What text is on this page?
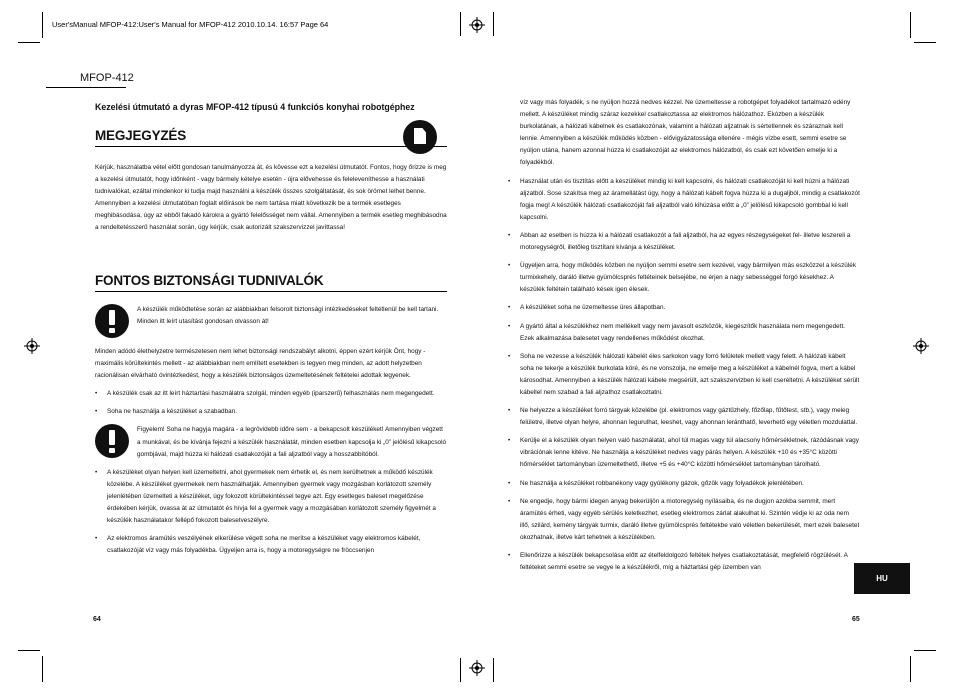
User'sManual MFOP-412:User's Manual for MFOP-412 2010.10.14. 16:57 Page 64
MFOP-412
Kezelési útmutató a dyras MFOP-412 típusú 4 funkciós konyhai robotgéphez
MEGJEGYZÉS
Kérjük, használatba vétel előtt gondosan tanulmányozza át, és kövesse ezt a kezelési útmutatót. Fontos, hogy őrizze is meg a kezelési útmutatót, hogy időnként - vagy bármely kételye esetén - újra elővehesse és feleleveníthesse a használati tudnivalókat, ezáltal mindenkor ki tudja majd használni a készülék összes szolgáltatását, és sok örömet lelhet benne. Amennyiben a kezelési útmutatóban foglalt előírások be nem tartása miatt következik be a termék esetleges meghibásodása, úgy az ebből fakadó károkra a gyártó felelősséget nem vállal. Amennyiben a termék esetleg meghibásodna a rendeltetésszerű használat során, úgy kérjük, csak autorizált szakszervizzel javíttassa!
FONTOS BIZTONSÁGI TUDNIVALÓK
A készülék működtetése során az alábbiakban felsorolt biztonsági intézkedéseket feltétlenül be kell tartani. Minden itt leírt utasítást gondosan olvasson át!

Minden adódó élethelyzetre természetesen nem lehet biztonsági rendszabályt alkotni, éppen ezért kérjük Önt, hogy - maximális körültekintés mellett - az alábbiakban nem említett esetekben is tegyen meg minden, az adott helyzetben racionálisan elvárható óvintézkedést, hogy a készülék biztonságos üzemeltetésének feltételei adottak legyenek.

• A készülék csak az itt leírt háztartási használatra szolgál, minden egyéb (iparszerű) felhasználás nem megengedett.
• Soha ne használja a készüléket a szabadban.
Figyelem! Soha ne hagyja magára - a legrövidebb időre sem - a bekapcsolt készüléket! Amennyiben végzett a munkával, és be kívánja fejezni a készülék használatát, minden esetben kapcsolja ki „0” jelölésű kikapcsoló gombjával, majd húzza ki hálózati csatlakozóját a fali aljzatból vagy a hosszabbítóból.
• A készüléket olyan helyen kell üzemeltetni, ahol gyermekek nem érhetik el, és nem kerülhetnek a működő készülék közelébe. A készüléket gyermekek nem használhatják. Amennyiben gyermek vagy mozgásban korlátozott személy jelenlétében üzemelteti a készüléket, úgy fokozott körültekintéssel tegye azt. Egy esetleges baleset megelőzése érdekében kérjük, ovassa át az útmutatót és hívja fel a gyermek vagy a mozgásában korlátozott személy figyelmét a készülék használatakor fellépő fokozott balesetveszélyre.
• Az elektromos áramütés veszélyének elkerülése végett soha ne merítse a készüléket vagy elektromos kábelét, csatlakozóját víz vagy más folyadékba. Ügyeljen arra is, hogy a motoregységre ne fröccsenjen

víz vagy más folyadék, s ne nyúljon hozzá nedves kézzel. Ne üzemeltesse a robotgépet folyadékot tartalmazó edény mellett. A készüléket mindig száraz kezekkel csatlakoztassa az elektromos hálózathoz. Ekózben a készülék burkolatának, a hálózati kábelnek és csatlakozónak, valamint a hálózati aljzatnak is sértetlennek és száraznak kell lennie. Amennyiben a készülék működés közben - elővigyázatossága ellenére - mégis vízbe esett, semmi esetre se nyúljon utána, hanem azonnal húzza ki csatlakozóját az elektromos hálózatból, és csak ezt követően emelje ki a folyadékból.

• Használat után és tisztítás előtt a készüléket mindig ki kell kapcsolni, és hálózati csatlakozóját ki kell húzni a hálózati aljzatból. Sose szakítsa meg az áramellátást úgy, hogy a hálózati kábelt fogva húzza ki a dugaljból, mindig a csatlakozót fogja meg! A készülék hálózati csatlakozóját fali aljzatból való kihúzása előtt a „0” jelölésű kikapcsoló gombbal ki kell kapcsolni.
• Abban az esetben is húzza ki a hálózati csatlakozót a fali aljzatból, ha az egyes részegységeket fel- illetve leszereli a motoregységről, illetőleg tisztítani kívánja a készüléket.
• Ügyeljen arra, hogy működés közben ne nyúljon semmi esetre sem kezével, vagy bármilyen más eszközzel a készülék turmixkehely, daráló illetve gyümölcsprés feltéteinek belsejébe, ne érjen a nagy sebességgel forgó késekhez. A készülék feltétein található kések igen élesek.
• A készüléket soha ne üzemeltesse üres állapotban.
• A gyártó által a készülékhez nem mellékelt vagy nem javasolt eszközök, kiegészítők használata nem megengedett. Ezek alkalmazása balesetet vagy rendellenes működést okozhat.
• Soha ne vezesse a készülék hálózati kábelét éles sarkokon vagy forró felületek mellett vagy felett. A hálózati kábelt soha ne tekerje a készülék burkolata köré, és ne vonszolja, ne emelje meg a készüléket a kábelnél fogva, mert a kábel károsodhat. Amennyiben a készülék hálózati kábele megsérült, azt szakszervizben ki kell cseréltetni. A készüléket sérült kábellel nem szabad a fali aljzathoz csatlakoztatni.
• Ne helyezze a készüléket forró tárgyak közelébe (pl. elektromos vagy gáztűzhely, főzőlap, fűtőtest, stb.), vagy meleg felületre, illetve olyan helyre, ahonnan legurulhat, leeshet, vagy ahonnan leránthatő, leverhető egy véletlen mozdulattal.
• Kerülje el a készülék olyan helyen való használatát, ahol túl magas vagy túl alacsony hőmérsékletnek, rázódásnak vagy vibrációnak lenne kitéve. Ne használja a készüléket nedves vagy párás helyen. A készülék +10 és +35°C közötti hőmérséklet tartományban üzemeltethető, illetve +5 és +40°C közötti hőmérséklet tartományban tárolható.
• Ne használja a készüléket robbanékony vagy gyúlékony gázok, gőzök vagy folyadékok jelenlétében.
• Ne engedje, hogy bármi idegen anyag bekerüljön a motoregység nyílásaiba, és ne dugjon azokba semmit, mert áramütés érheti, vagy egyéb sérülés keletkezhet, esetleg elektromos zárlat alakulhat ki. Szintén védje ki az oda nem illő, szilárd, kemény tárgyak turmix, daráló illetve gyümölcsprés feltétekbe való véletlen bekerülését, mert ezek balesetet okozhatnak, illetve kárt tehetnek a készülékben.
• Ellenőrizze a készülék bekapcsolása előtt az ételfeldolgozó feltétek helyes csatlakoztatását, megfelelő rögzülését. A feltéteket semmi esetre se vegye le a készülékről, míg a háztartási gép üzemben van
HU
64	65
